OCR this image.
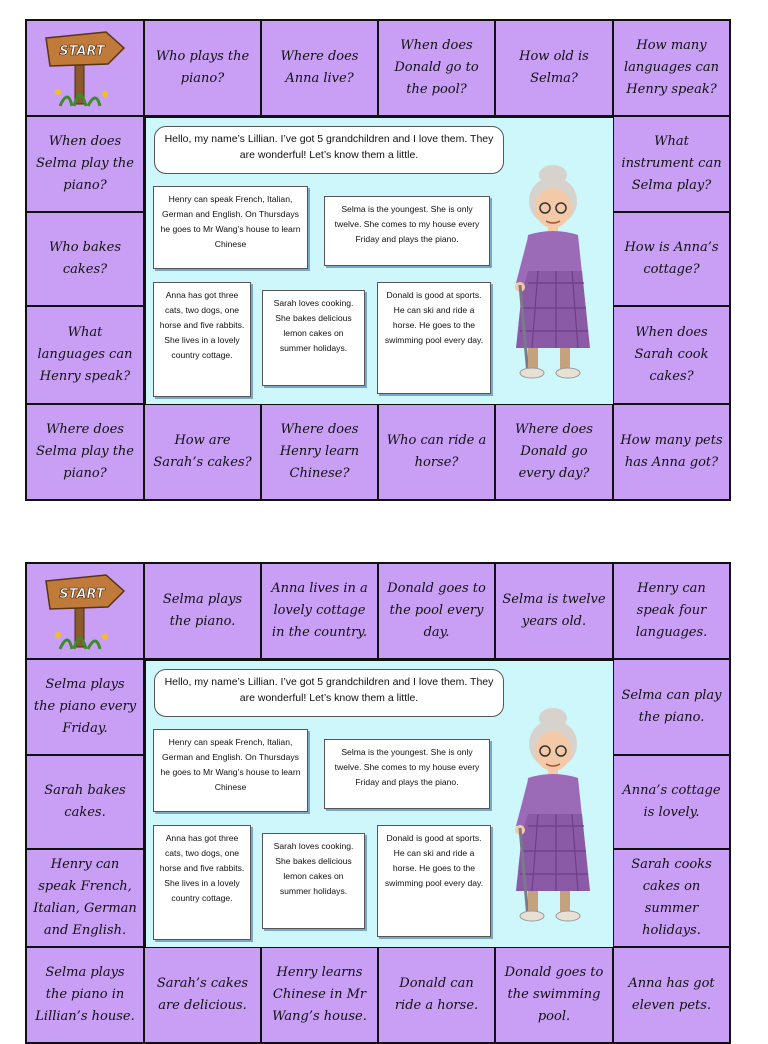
START	Who plays the piano?
Where does Anna live?
When does Donald go to the pool?
How old is Selma?
How many languages can Henry speak?
When does Selma play the piano?
Who bakes cakes?
What languages can Henry speak?
What instrument can Selma play?
How is Anna’s cottage?
When does Sarah cook cakes?
Where does Selma play the piano?
How are Sarah’s cakes?
Where does Henry learn Chinese?
Who can ride a horse?
Where does Donald go every day?
How many pets has Anna got?
Hello, my name’s Lillian. I’ve got 5 grandchildren and I love them. They are wonderful! Let’s know them a little.
Henry can speak French, Italian, German and English. On Thursdays he goes to Mr Wang’s house to learn Chinese
Selma is the youngest. She is only twelve. She comes to my house every Friday and plays the piano.
Anna has got three cats, two dogs, one horse and five rabbits. She lives in a lovely country cottage.
Sarah loves cooking. She bakes delicious lemon cakes on summer holidays.
Donald is good at sports. He can ski and ride a horse. He goes to the swimming pool every day.
START	Selma plays the piano.
Anna lives in a lovely cottage in the country.
Donald goes to the pool every day.
Selma is twelve years old.
Henry can speak four languages.
Selma plays the piano every Friday.
Sarah bakes cakes.
Henry can speak French, Italian, German and English.
Selma can play the piano.
Anna’s cottage is lovely.
Sarah cooks cakes on summer holidays.
Selma plays the piano in Lillian’s house.
Sarah’s cakes are delicious.
Henry learns Chinese in Mr Wang’s house.
Donald can ride a horse.
Donald goes to the swimming pool.
Anna has got eleven pets.
Hello, my name’s Lillian. I’ve got 5 grandchildren and I love them. They are wonderful! Let’s know them a little.
Henry can speak French, Italian, German and English. On Thursdays he goes to Mr Wang’s house to learn Chinese
Selma is the youngest. She is only twelve. She comes to my house every Friday and plays the piano.
Anna has got three cats, two dogs, one horse and five rabbits. She lives in a lovely country cottage.
Sarah loves cooking. She bakes delicious lemon cakes on summer holidays.
Donald is good at sports. He can ski and ride a horse. He goes to the swimming pool every day.
